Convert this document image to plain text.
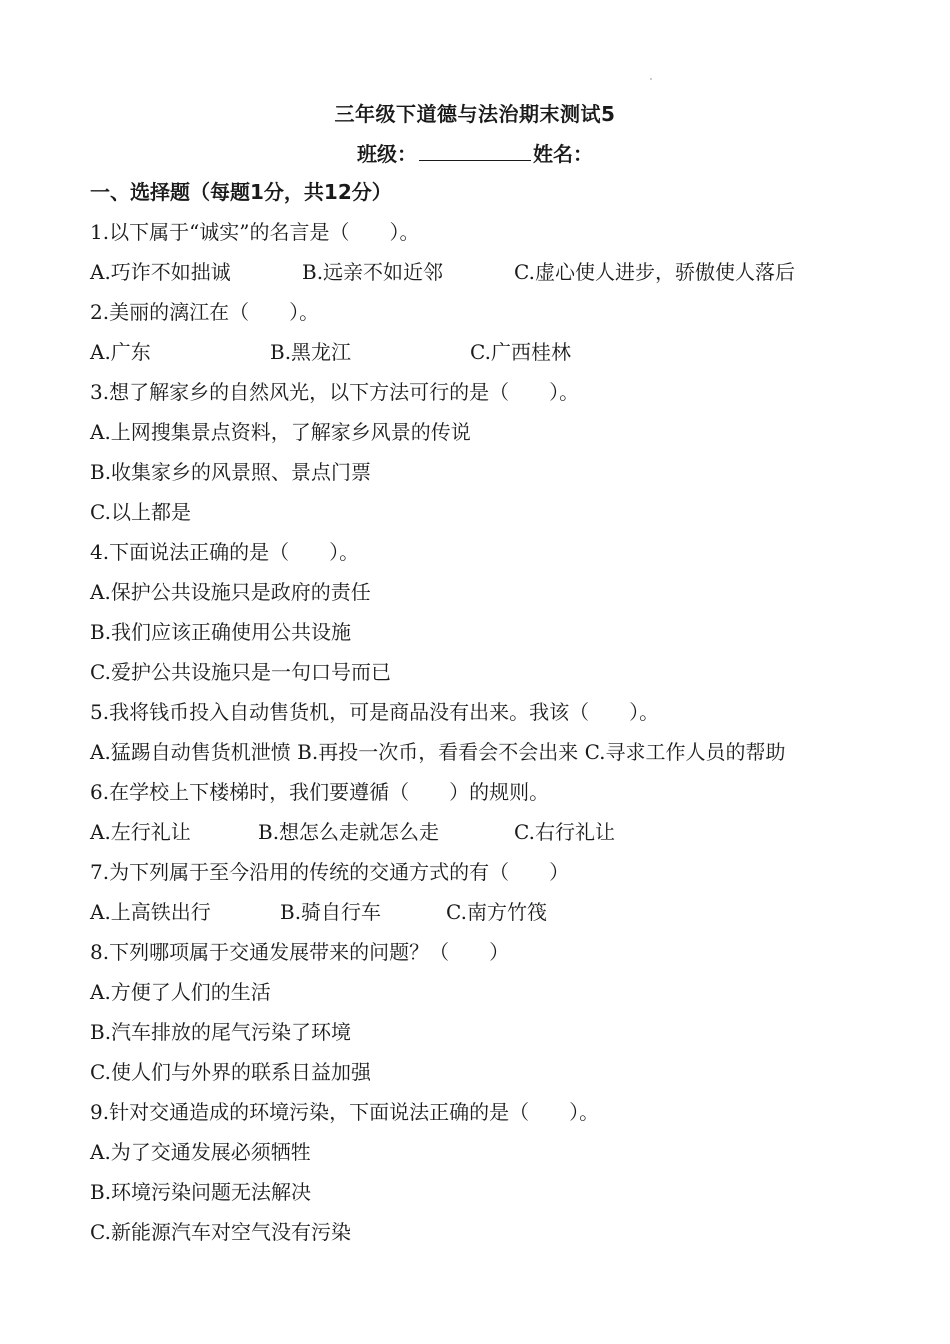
三年级下道德与法治期末测试5
班级：	姓名：
一、选择题（每题1分，共12分）
1.以下属于“诚实”的名言是（　　）。
A.巧诈不如拙诚	B.远亲不如近邻	C.虚心使人进步，骄傲使人落后
2.美丽的漓江在（　　）。
A.广东	B.黑龙江	C.广西桂林
3.想了解家乡的自然风光，以下方法可行的是（　　）。
A.上网搜集景点资料，了解家乡风景的传说
B.收集家乡的风景照、景点门票
C.以上都是
4.下面说法正确的是（　　）。
A.保护公共设施只是政府的责任
B.我们应该正确使用公共设施
C.爱护公共设施只是一句口号而已
5.我将钱币投入自动售货机，可是商品没有出来。我该（　　）。
A.猛踢自动售货机泄愤 B.再投一次币，看看会不会出来 C.寻求工作人员的帮助
6.在学校上下楼梯时，我们要遵循（　　）的规则。
A.左行礼让	B.想怎么走就怎么走	C.右行礼让
7.为下列属于至今沿用的传统的交通方式的有（　　）
A.上高铁出行	B.骑自行车	C.南方竹筏
8.下列哪项属于交通发展带来的问题？（　　）
A.方便了人们的生活
B.汽车排放的尾气污染了环境
C.使人们与外界的联系日益加强
9.针对交通造成的环境污染，下面说法正确的是（　　）。
A.为了交通发展必须牺牲
B.环境污染问题无法解决
C.新能源汽车对空气没有污染
